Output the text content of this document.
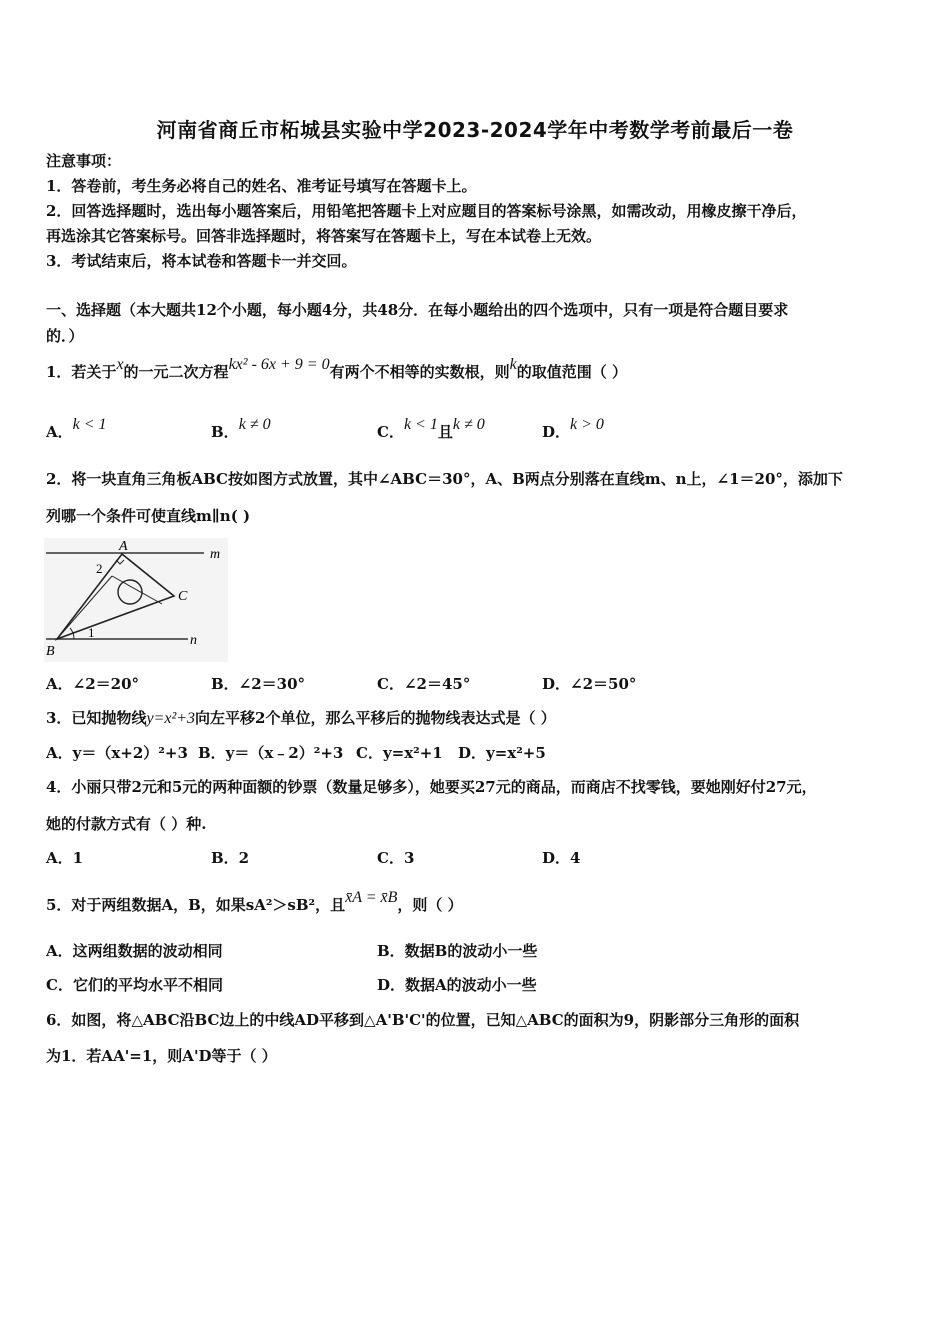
河南省商丘市柘城县实验中学2023-2024学年中考数学考前最后一卷
注意事项：
1．答卷前，考生务必将自己的姓名、准考证号填写在答题卡上。
2．回答选择题时，选出每小题答案后，用铅笔把答题卡上对应题目的答案标号涂黑，如需改动，用橡皮擦干净后，
再选涂其它答案标号。回答非选择题时，将答案写在答题卡上，写在本试卷上无效。
3．考试结束后，将本试卷和答题卡一并交回。
一、选择题（本大题共12个小题，每小题4分，共48分．在每小题给出的四个选项中，只有一项是符合题目要求
的．）
1．若关于x的一元二次方程kx² - 6x + 9 = 0有两个不相等的实数根，则k的取值范围（ ）
A．k < 1	B．k ≠ 0	C．k < 1且k ≠ 0	D．k > 0
2．将一块直角三角板ABC按如图方式放置，其中∠ABC＝30°，A、B两点分别落在直线m、n上，∠1＝20°，添加下
列哪一个条件可使直线m∥n( )
A
B
C
m
n
1
2
A．∠2＝20°	B．∠2＝30°	C．∠2＝45°	D．∠2＝50°
3．已知抛物线y=x²+3向左平移2个单位，那么平移后的抛物线表达式是（ ）
A．y＝（x+2）²+3 B．y＝（x﹣2）²+3 C．y=x²+1 D．y=x²+5
4．小丽只带2元和5元的两种面额的钞票（数量足够多），她要买27元的商品，而商店不找零钱，要她刚好付27元，
她的付款方式有（ ）种.
A．1	B．2	C．3	D．4
5．对于两组数据A，B，如果sA²＞sB²，且x̄A = x̄B，则（ ）
A．这两组数据的波动相同	B．数据B的波动小一些
C．它们的平均水平不相同	D．数据A的波动小一些
6．如图，将△ABC沿BC边上的中线AD平移到△A'B'C'的位置，已知△ABC的面积为9，阴影部分三角形的面积
为1．若AA'=1，则A'D等于（ ）
